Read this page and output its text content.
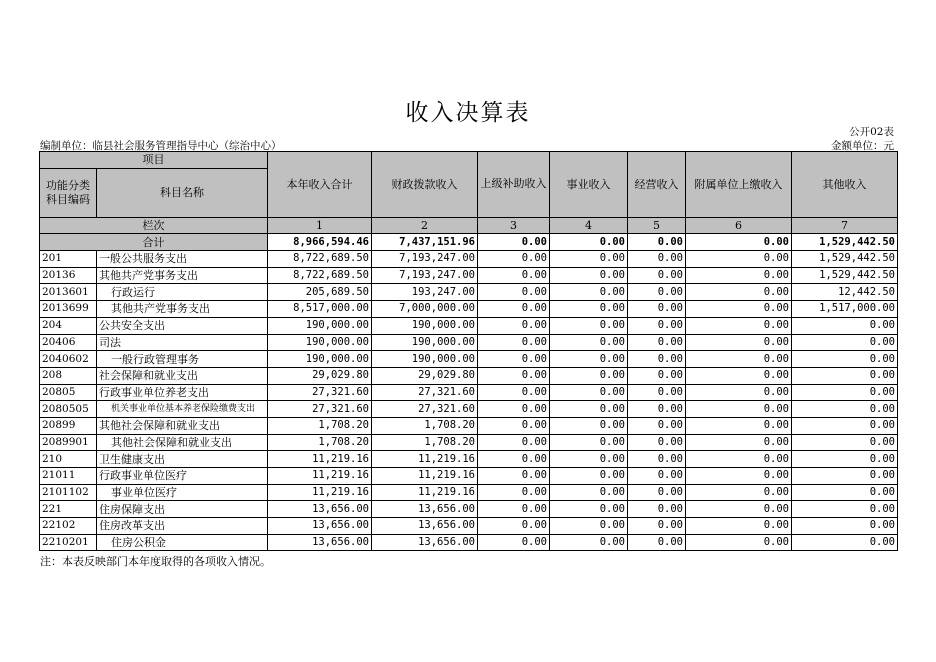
收入决算表
公开02表
编制单位：临县社会服务管理指导中心（综治中心）	金额单位：元
项目		本年收入合计	财政拨款收入	上级补助收入	事业收入	经营收入	附属单位上缴收入	其他收入
功能分类科目编码	科目名称							
栏次		1	2	3	4	5	6	7
合计		8,966,594.46	7,437,151.96	0.00	0.00	0.00	0.00	1,529,442.50
201	一般公共服务支出	8,722,689.50	7,193,247.00	0.00	0.00	0.00	0.00	1,529,442.50
20136	其他共产党事务支出	8,722,689.50	7,193,247.00	0.00	0.00	0.00	0.00	1,529,442.50
2013601	行政运行	205,689.50	193,247.00	0.00	0.00	0.00	0.00	12,442.50
2013699	其他共产党事务支出	8,517,000.00	7,000,000.00	0.00	0.00	0.00	0.00	1,517,000.00
204	公共安全支出	190,000.00	190,000.00	0.00	0.00	0.00	0.00	0.00
20406	司法	190,000.00	190,000.00	0.00	0.00	0.00	0.00	0.00
2040602	一般行政管理事务	190,000.00	190,000.00	0.00	0.00	0.00	0.00	0.00
208	社会保障和就业支出	29,029.80	29,029.80	0.00	0.00	0.00	0.00	0.00
20805	行政事业单位养老支出	27,321.60	27,321.60	0.00	0.00	0.00	0.00	0.00
2080505	机关事业单位基本养老保险缴费支出	27,321.60	27,321.60	0.00	0.00	0.00	0.00	0.00
20899	其他社会保障和就业支出	1,708.20	1,708.20	0.00	0.00	0.00	0.00	0.00
2089901	其他社会保障和就业支出	1,708.20	1,708.20	0.00	0.00	0.00	0.00	0.00
210	卫生健康支出	11,219.16	11,219.16	0.00	0.00	0.00	0.00	0.00
21011	行政事业单位医疗	11,219.16	11,219.16	0.00	0.00	0.00	0.00	0.00
2101102	事业单位医疗	11,219.16	11,219.16	0.00	0.00	0.00	0.00	0.00
221	住房保障支出	13,656.00	13,656.00	0.00	0.00	0.00	0.00	0.00
22102	住房改革支出	13,656.00	13,656.00	0.00	0.00	0.00	0.00	0.00
2210201	住房公积金	13,656.00	13,656.00	0.00	0.00	0.00	0.00	0.00
注：本表反映部门本年度取得的各项收入情况。
